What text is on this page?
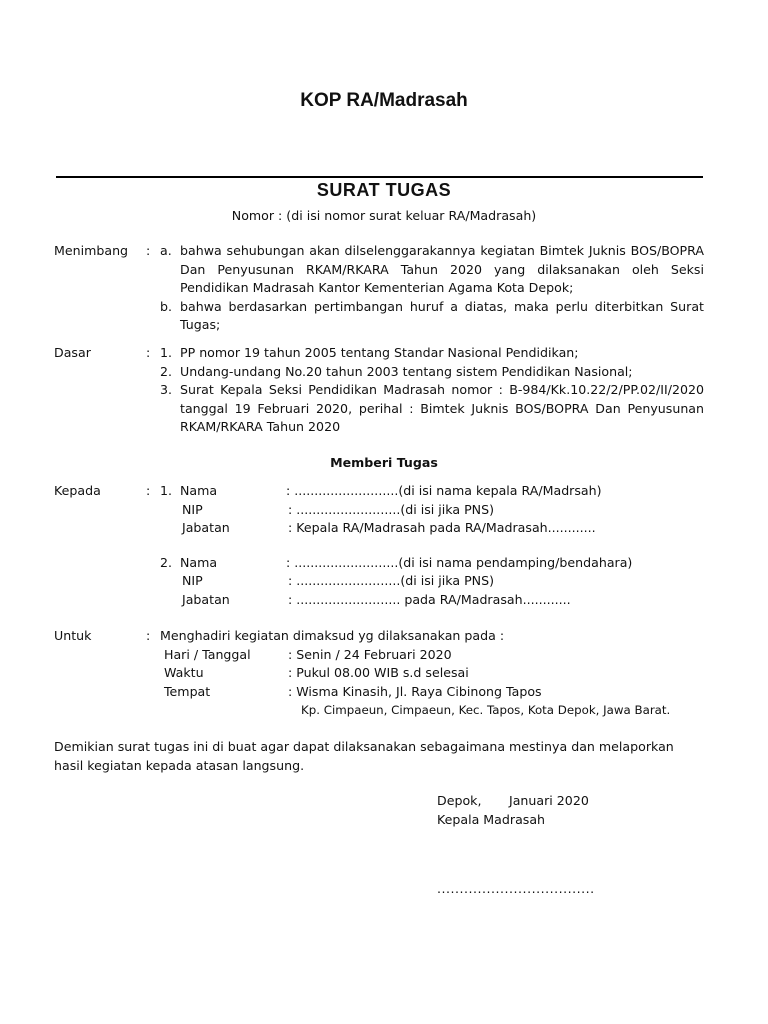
KOP RA/Madrasah
SURAT TUGAS
Nomor : (di isi nomor surat keluar RA/Madrasah)
Menimbang	: a. bahwa sehubungan akan dilselenggarakannya kegiatan Bimtek Juknis BOS/BOPRA Dan Penyusunan RKAM/RKARA Tahun 2020 yang dilaksanakan oleh Seksi Pendidikan Madrasah Kantor Kementerian Agama Kota Depok;
b. bahwa berdasarkan pertimbangan huruf a diatas, maka perlu diterbitkan Surat Tugas;
Dasar	: 1. PP nomor 19 tahun 2005 tentang Standar Nasional Pendidikan;
2. Undang-undang No.20 tahun 2003 tentang sistem Pendidikan Nasional;
3. Surat Kepala Seksi Pendidikan Madrasah nomor : B-984/Kk.10.22/2/PP.02/II/2020 tanggal 19 Februari 2020, perihal : Bimtek Juknis BOS/BOPRA Dan Penyusunan RKAM/RKARA Tahun 2020
Memberi Tugas
Kepada	: 1. Nama	: ..........................(di isi nama kepala RA/Madrsah)
NIP	: ..........................(di isi jika PNS)
Jabatan	: Kepala RA/Madrasah pada RA/Madrasah............
2. Nama	: ..........................(di isi nama pendamping/bendahara)
NIP	: ..........................(di isi jika PNS)
Jabatan	: .......................... pada RA/Madrasah............
Untuk	: Menghadiri kegiatan dimaksud yg dilaksanakan pada :
Hari / Tanggal	: Senin / 24 Februari 2020
Waktu	: Pukul 08.00 WIB s.d selesai
Tempat	: Wisma Kinasih, Jl. Raya Cibinong Tapos
Kp. Cimpaeun, Cimpaeun, Kec. Tapos, Kota Depok, Jawa Barat.
Demikian surat tugas ini di buat agar dapat dilaksanakan sebagaimana mestinya dan melaporkan hasil kegiatan kepada atasan langsung.
Depok, Januari 2020
Kepala Madrasah
...................................
